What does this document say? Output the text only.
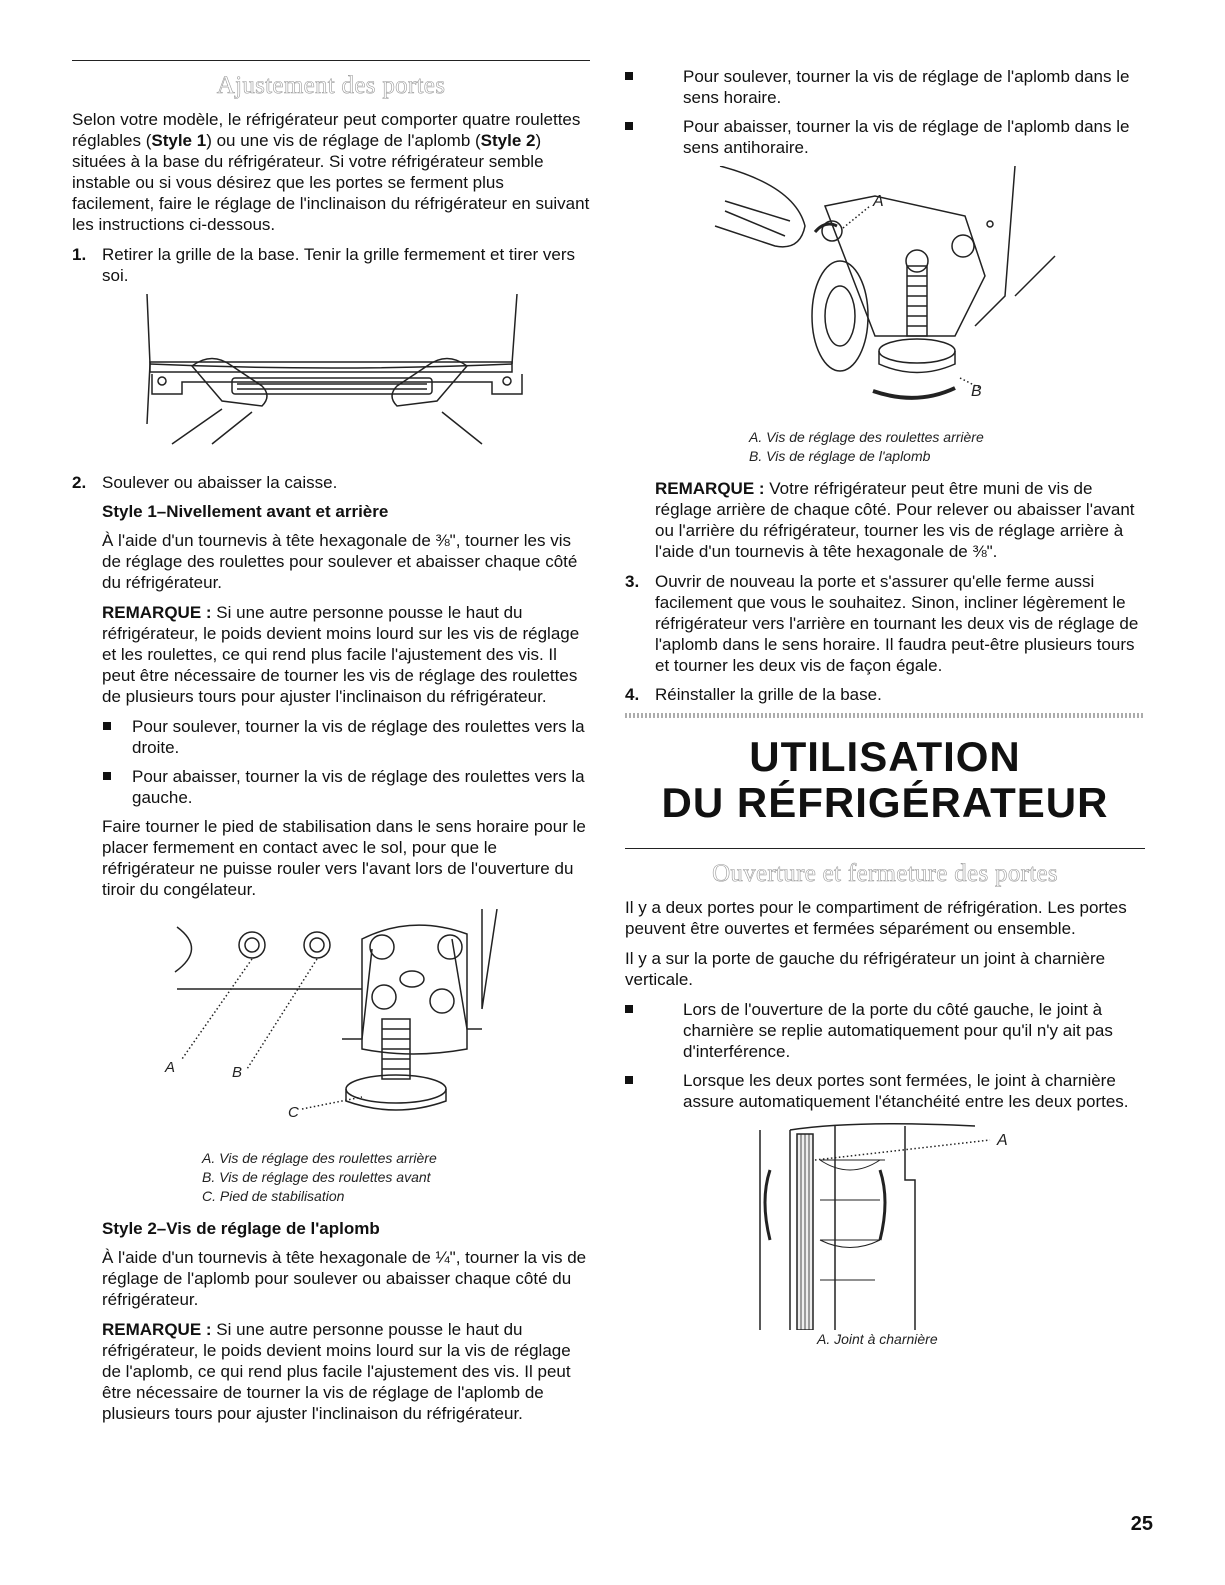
Ajustement des portes

Selon votre modèle, le réfrigérateur peut comporter quatre roulettes réglables (Style 1) ou une vis de réglage de l'aplomb (Style 2) situées à la base du réfrigérateur. Si votre réfrigérateur semble instable ou si vous désirez que les portes se ferment plus facilement, faire le réglage de l'inclinaison du réfrigérateur en suivant les instructions ci-dessous.

1. Retirer la grille de la base. Tenir la grille fermement et tirer vers soi.
2. Soulever ou abaisser la caisse.
Style 1–Nivellement avant et arrière

À l'aide d'un tournevis à tête hexagonale de ⅜", tourner les vis de réglage des roulettes pour soulever et abaisser chaque côté du réfrigérateur.

REMARQUE : Si une autre personne pousse le haut du réfrigérateur, le poids devient moins lourd sur les vis de réglage et les roulettes, ce qui rend plus facile l'ajustement des vis. Il peut être nécessaire de tourner les vis de réglage des roulettes de plusieurs tours pour ajuster l'inclinaison du réfrigérateur.

Pour soulever, tourner la vis de réglage des roulettes vers la droite.
Pour abaisser, tourner la vis de réglage des roulettes vers la gauche.

Faire tourner le pied de stabilisation dans le sens horaire pour le placer fermement en contact avec le sol, pour que le réfrigérateur ne puisse rouler vers l'avant lors de l'ouverture du tiroir du congélateur.

A	B
C
A. Vis de réglage des roulettes arrière
B. Vis de réglage des roulettes avant
C. Pied de stabilisation
Style 2–Vis de réglage de l'aplomb

À l'aide d'un tournevis à tête hexagonale de ¼", tourner la vis de réglage de l'aplomb pour soulever ou abaisser chaque côté du réfrigérateur.

REMARQUE : Si une autre personne pousse le haut du réfrigérateur, le poids devient moins lourd sur la vis de réglage de l'aplomb, ce qui rend plus facile l'ajustement des vis. Il peut être nécessaire de tourner la vis de réglage de l'aplomb de plusieurs tours pour ajuster l'inclinaison du réfrigérateur.

Pour soulever, tourner la vis de réglage de l'aplomb dans le sens horaire.
Pour abaisser, tourner la vis de réglage de l'aplomb dans le sens antihoraire.
A
B
A. Vis de réglage des roulettes arrière
B. Vis de réglage de l'aplomb

REMARQUE : Votre réfrigérateur peut être muni de vis de réglage arrière de chaque côté. Pour relever ou abaisser l'avant ou l'arrière du réfrigérateur, tourner les vis de réglage arrière à l'aide d'un tournevis à tête hexagonale de ⅜".

3. Ouvrir de nouveau la porte et s'assurer qu'elle ferme aussi facilement que vous le souhaitez. Sinon, incliner légèrement le réfrigérateur vers l'arrière en tournant les deux vis de réglage de l'aplomb dans le sens horaire. Il faudra peut-être plusieurs tours et tourner les deux vis de façon égale.
4. Réinstaller la grille de la base.
UTILISATION
DU RÉFRIGÉRATEUR
Ouverture et fermeture des portes

Il y a deux portes pour le compartiment de réfrigération. Les portes peuvent être ouvertes et fermées séparément ou ensemble.

Il y a sur la porte de gauche du réfrigérateur un joint à charnière verticale.

Lors de l'ouverture de la porte du côté gauche, le joint à charnière se replie automatiquement pour qu'il n'y ait pas d'interférence.
Lorsque les deux portes sont fermées, le joint à charnière assure automatiquement l'étanchéité entre les deux portes.
A
A. Joint à charnière
25
